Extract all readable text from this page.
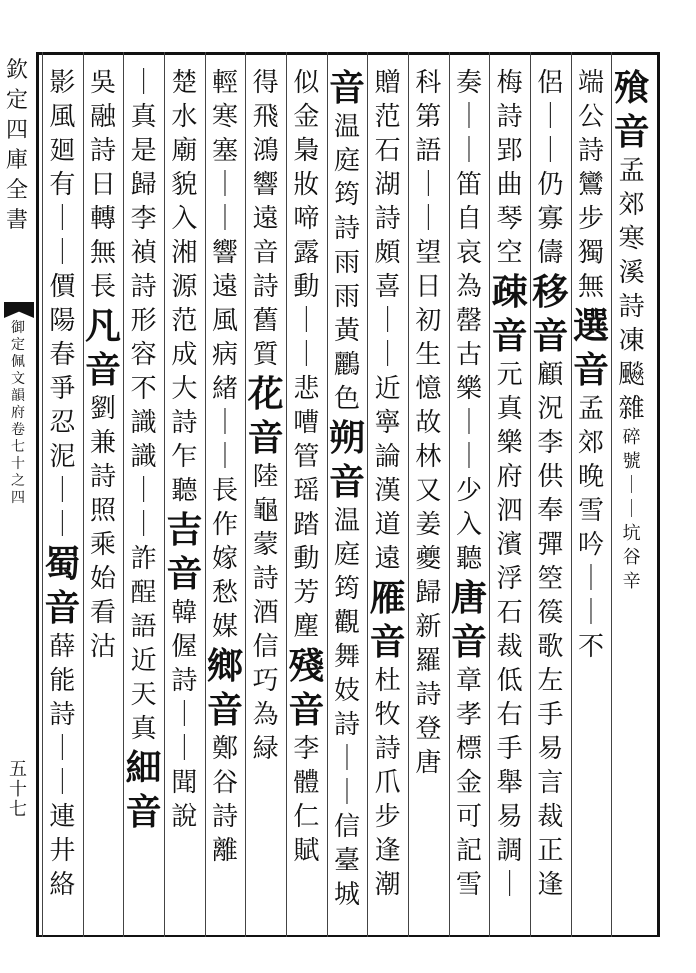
欽
定
四
庫
全
書
御
定
佩
文
韻
府
卷
七
十
之
四
五
十
七
飱
音
孟
郊
寒
溪
詩
凍
飈
雜
碎
號
｜
｜
坑
谷
辛
端
公
詩
鸞
步
獨
無
選
音
孟
郊
晚
雪
吟
｜
｜
不
侶
｜
｜
仍
寡
儔
移
音
顧
況
李
供
奉
彈
箜
篌
歌
左
手
易
言
裁
正
逢
梅
詩
郢
曲
琴
空
疎
音
元
真
樂
府
泗
濱
浮
石
裁
低
右
手
舉
易
調
｜
奏
｜
｜
笛
自
哀
為
罄
古
樂
｜
｜
少
入
聽
唐
音
章
孝
標
金
可
記
雪
科
第
語
｜
｜
望
日
初
生
憶
故
林
又
姜
夔
歸
新
羅
詩
登
唐
贈
范
石
湖
詩
頗
喜
｜
｜
近
寧
論
漢
道
遠
雁
音
杜
牧
詩
爪
步
逢
潮
音
温
庭
筠
詩
雨
雨
黃
鸝
色
朔
音
温
庭
筠
觀
舞
妓
詩
｜
｜
信
臺
城
似
金
梟
妝
啼
露
動
｜
｜
悲
嘈
管
瑶
踏
動
芳
塵
殘
音
李
體
仁
賦
得
飛
鴻
響
遠
音
詩
舊
質
花
音
陸
龜
蒙
詩
酒
信
巧
為
緑
輕
寒
塞
｜
｜
響
遠
風
病
緒
｜
｜
長
作
嫁
愁
媒
鄉
音
鄭
谷
詩
離
楚
水
廟
貌
入
湘
源
范
成
大
詩
乍
聽
吉
音
韓
偓
詩
｜
｜
聞
說
｜
真
是
歸
李
禎
詩
形
容
不
識
識
｜
｜
詐
酲
語
近
天
真
細
音
吳
融
詩
日
轉
無
長
凡
音
劉
兼
詩
照
乘
始
看
沽
影
風
廻
有
｜
｜
價
陽
春
爭
忍
泥
｜
｜
蜀
音
薛
能
詩
｜
｜
連
井
絡
